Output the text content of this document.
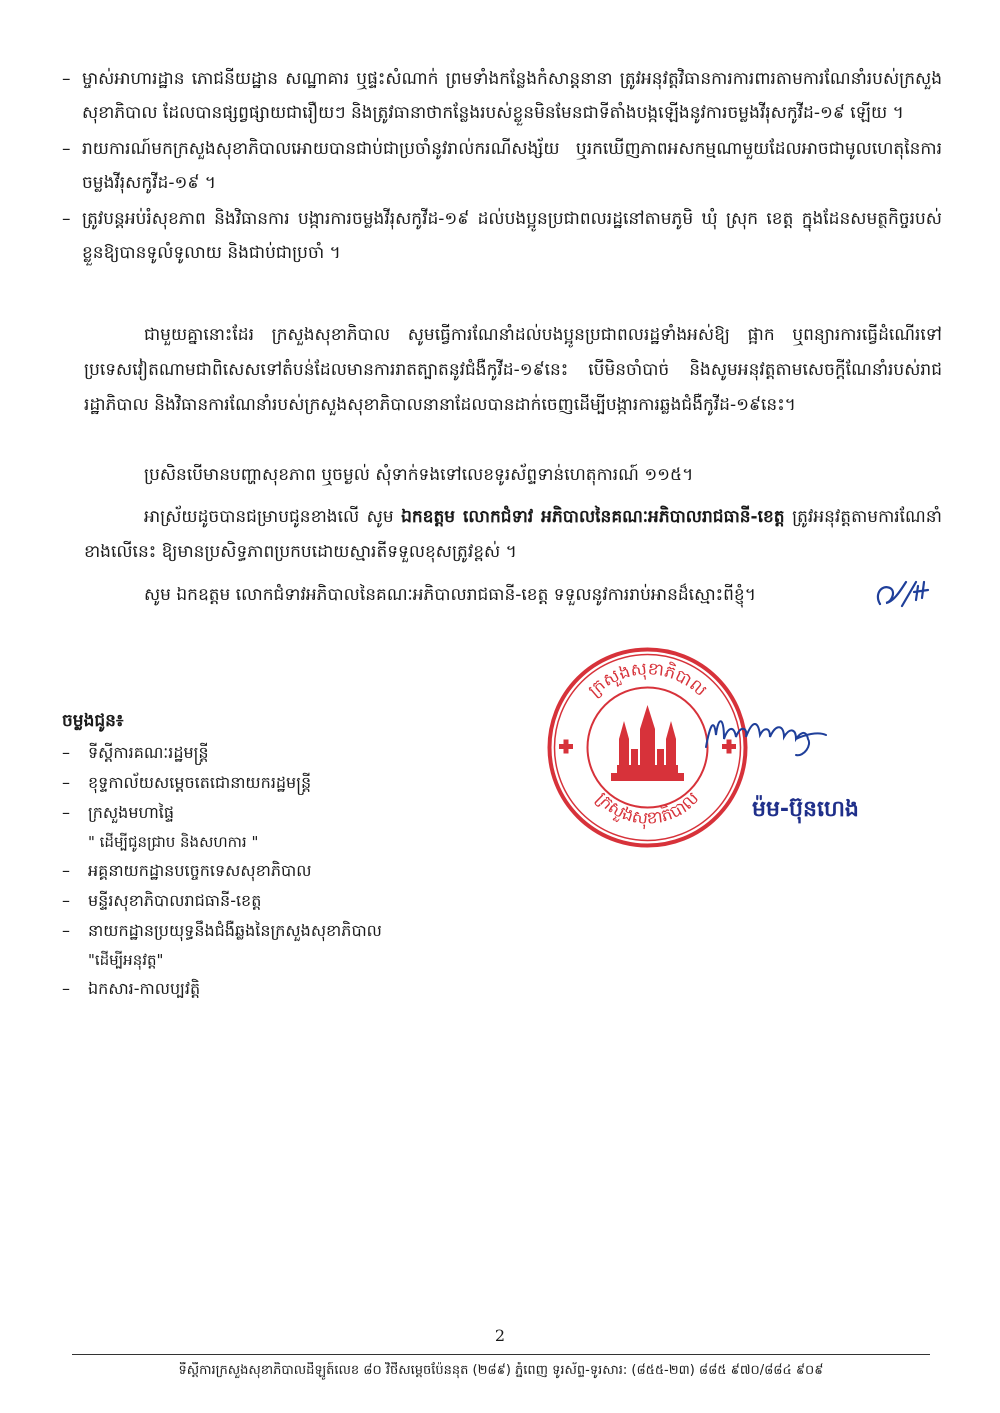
– ម្ចាស់អាហារដ្ឋាន ភោជនីយដ្ឋាន សណ្ឋាគារ ឬផ្ទះសំណាក់ ព្រមទាំងកន្លែងកំសាន្តនានា ត្រូវអនុវត្តវិធានការការពារតាមការណែនាំរបស់ក្រសួងសុខាភិបាល ដែលបានផ្សព្វផ្សាយជារឿយៗ និងត្រូវធានាថាកន្លែងរបស់ខ្លួនមិនមែនជាទីតាំងបង្កឡើងនូវការចម្លងវីរុសកូវីដ-១៩ ឡើយ ។
– រាយការណ៍មកក្រសួងសុខាភិបាលអោយបានជាប់ជាប្រចាំនូវរាល់ករណីសង្ស័យ ឬរកឃើញភាពអសកម្មណាមួយដែលអាចជាមូលហេតុនៃការចម្លងវីរុសកូវីដ-១៩ ។
– ត្រូវបន្តអប់រំសុខភាព និងវិធានការ បង្ការការចម្លងវីរុសកូវីដ-១៩ ដល់បងប្អូនប្រជាពលរដ្ឋនៅតាមភូមិ ឃុំ ស្រុក ខេត្ត ក្នុងដែនសមត្ថកិច្ចរបស់ខ្លួនឱ្យបានទូលំទូលាយ និងជាប់ជាប្រចាំ ។
ជាមួយគ្នានោះដែរ ក្រសួងសុខាភិបាល សូមធ្វើការណែនាំដល់បងប្អូនប្រជាពលរដ្ឋទាំងអស់ឱ្យ ផ្អាក ឬពន្យារការធ្វើដំណើរទៅប្រទេសវៀតណាមជាពិសេសទៅតំបន់ដែលមានការរាតត្បាតនូវជំងឺកូវីដ-១៩នេះ បើមិនចាំបាច់ និងសូមអនុវត្តតាមសេចក្តីណែនាំរបស់រាជរដ្ឋាភិបាល និងវិធានការណែនាំរបស់ក្រសួងសុខាភិបាលនានាដែលបានដាក់ចេញដើម្បីបង្ការការឆ្លងជំងឺកូវីដ-១៩នេះ។
ប្រសិនបើមានបញ្ហាសុខភាព ឬចម្ងល់ សុំទាក់ទងទៅលេខទូរស័ព្ទទាន់ហេតុការណ៍ ១១៥។
អាស្រ័យដូចបានជម្រាបជូនខាងលើ សូម ឯកឧត្តម លោកជំទាវ អភិបាលនៃគណៈអភិបាលរាជធានី-ខេត្ត ត្រូវអនុវត្តតាមការណែនាំខាងលើនេះ ឱ្យមានប្រសិទ្ធភាពប្រកបដោយស្មារតីទទួលខុសត្រូវខ្ពស់ ។
សូម ឯកឧត្តម លោកជំទាវអភិបាលនៃគណៈអភិបាលរាជធានី-ខេត្ត ទទួលនូវការរាប់អានដ៏ស្មោះពីខ្ញុំ។
ចម្លងជូន៖
–	ទីស្តីការគណៈរដ្ឋមន្ត្រី
–	ខុទ្ទកាល័យសម្តេចតេជោនាយករដ្ឋមន្ត្រី
–	ក្រសួងមហាផ្ទៃ
" ដើម្បីជូនជ្រាប និងសហការ "
–	អគ្គនាយកដ្ឋានបច្ចេកទេសសុខាភិបាល
–	មន្ទីរសុខាភិបាលរាជធានី-ខេត្ត
–	នាយកដ្ឋានប្រយុទ្ធនឹងជំងឺឆ្លងនៃក្រសួងសុខាភិបាល
"ដើម្បីអនុវត្ត"
–	ឯកសារ-កាលប្បវត្តិ
ក្រសួងសុខាភិបាល
ក្រសួងសុខាភិបាល ម៉ម-ប៊ុនហេង
2
ទីស្តីការក្រសួងសុខាភិបាលដីឡូត៍លេខ ៨០ វិថីសម្តេចប៉ែននុត (២៨៩) ភ្នំពេញ ទូរស័ព្ទ-ទូរសារ: (៨៥៥-២៣) ៨៨៥ ៩៧០/៨៨៤ ៩០៩
